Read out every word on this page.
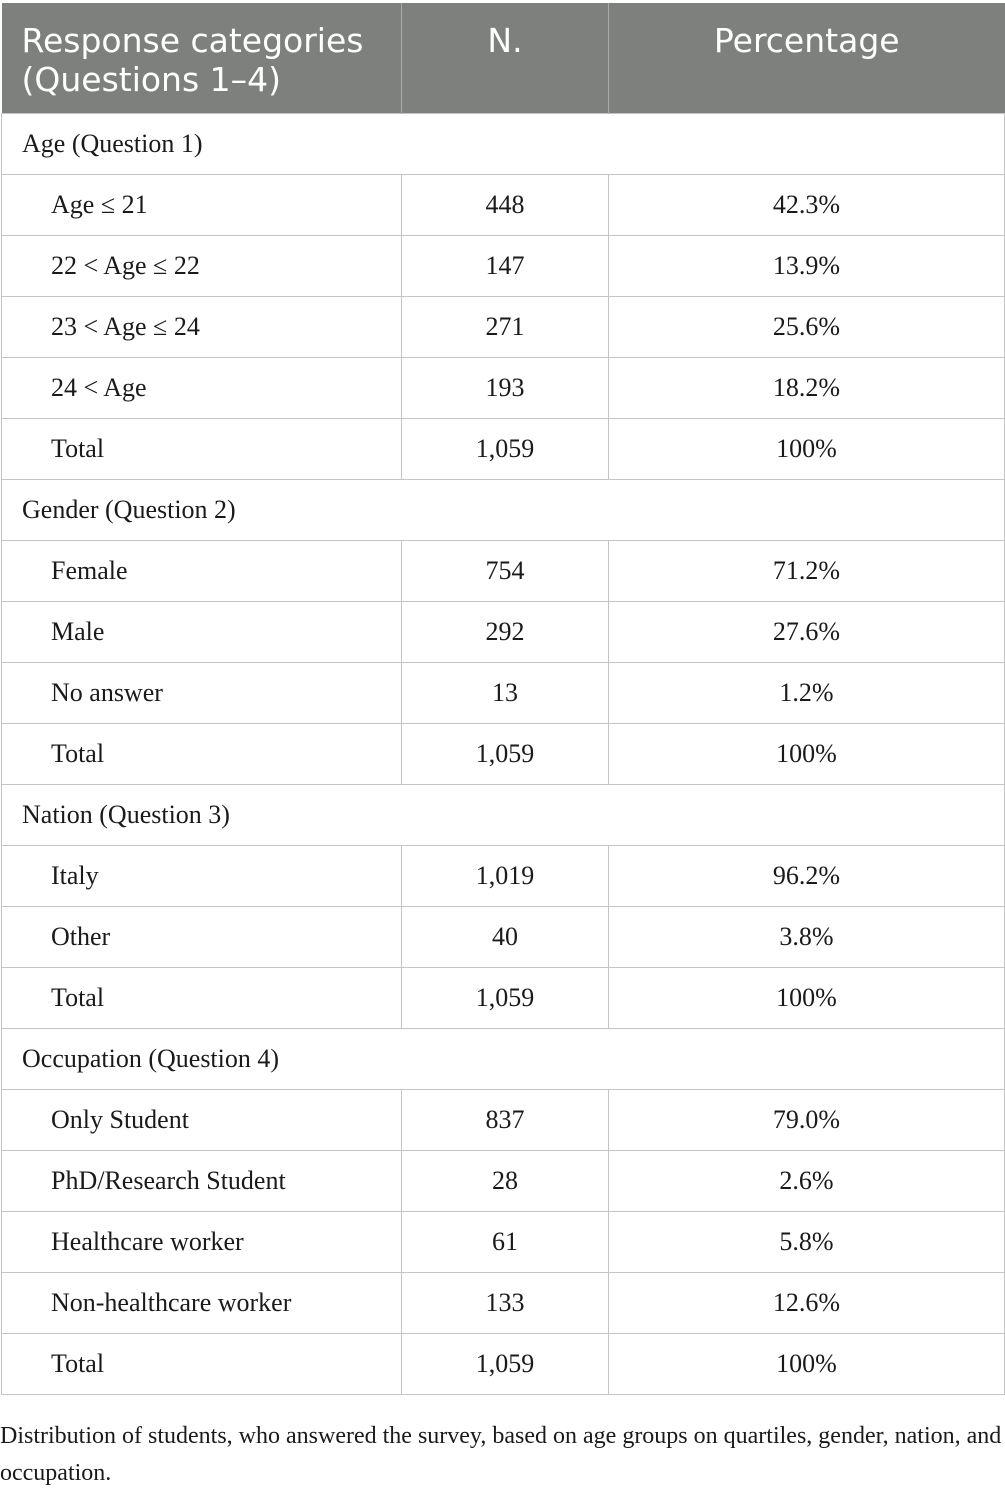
Response categories (Questions 1–4)	N.	Percentage
Age (Question 1)		
Age ≤ 21	448	42.3%
22 < Age ≤ 22	147	13.9%
23 < Age ≤ 24	271	25.6%
24 < Age	193	18.2%
Total	1,059	100%
Gender (Question 2)		
Female	754	71.2%
Male	292	27.6%
No answer	13	1.2%
Total	1,059	100%
Nation (Question 3)		
Italy	1,019	96.2%
Other	40	3.8%
Total	1,059	100%
Occupation (Question 4)		
Only Student	837	79.0%
PhD/Research Student	28	2.6%
Healthcare worker	61	5.8%
Non-healthcare worker	133	12.6%
Total	1,059	100%
Distribution of students, who answered the survey, based on age groups on quartiles, gender, nation, and occupation.
